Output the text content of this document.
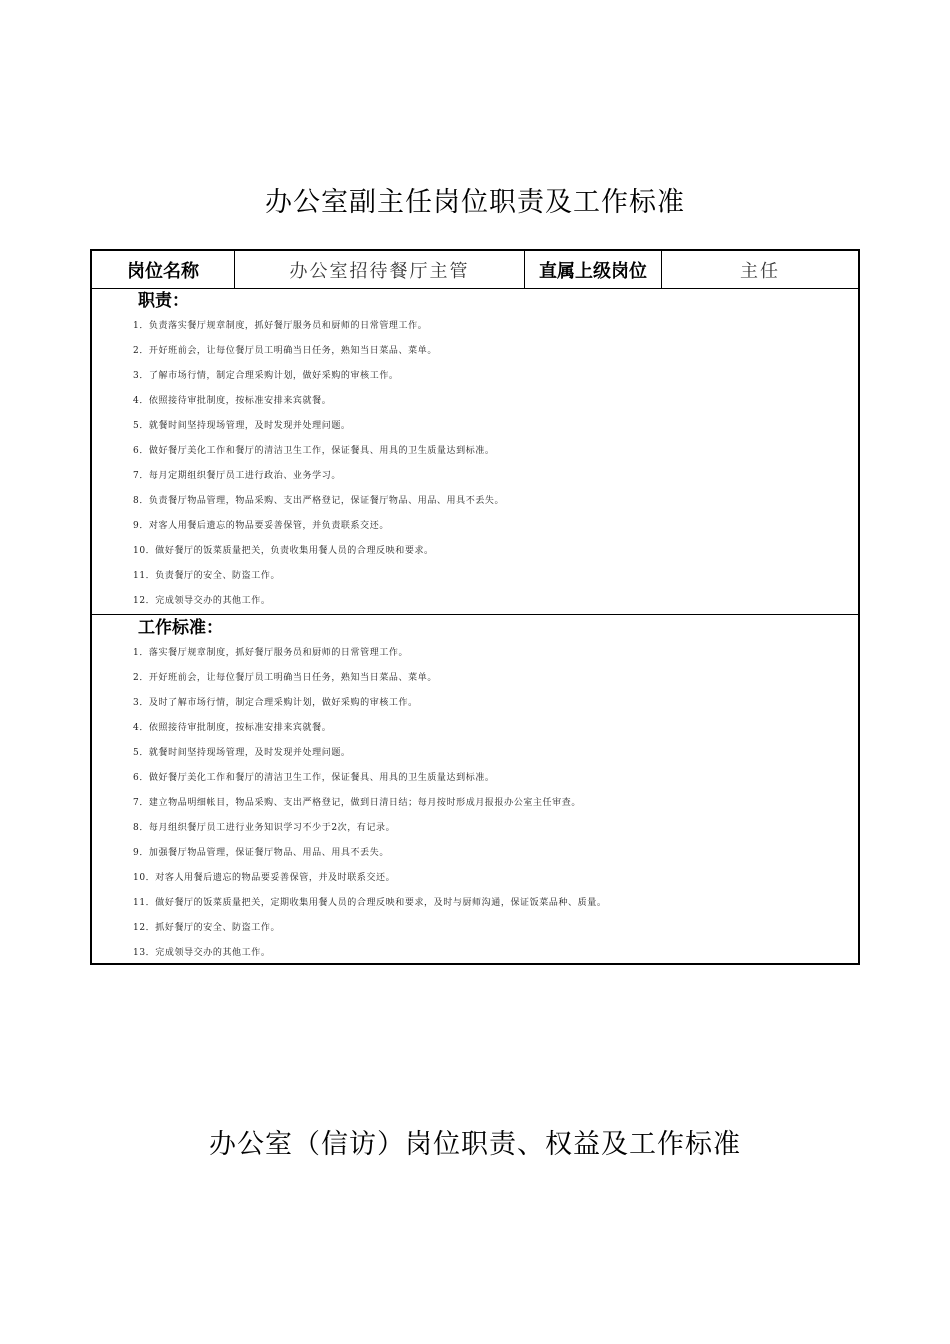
办公室副主任岗位职责及工作标准
岗位名称	办公室招待餐厅主管	直属上级岗位	主任
职责：
1．负责落实餐厅规章制度，抓好餐厅服务员和厨师的日常管理工作。
2．开好班前会，让每位餐厅员工明确当日任务，熟知当日菜品、菜单。
3．了解市场行情，制定合理采购计划，做好采购的审核工作。
4．依照接待审批制度，按标准安排来宾就餐。
5．就餐时间坚持现场管理，及时发现并处理问题。
6．做好餐厅美化工作和餐厅的清洁卫生工作，保证餐具、用具的卫生质量达到标准。
7．每月定期组织餐厅员工进行政治、业务学习。
8．负责餐厅物品管理，物品采购、支出严格登记，保证餐厅物品、用品、用具不丢失。
9．对客人用餐后遗忘的物品要妥善保管，并负责联系交还。
10．做好餐厅的饭菜质量把关，负责收集用餐人员的合理反映和要求。
11．负责餐厅的安全、防盗工作。
12．完成领导交办的其他工作。
工作标准：
1．落实餐厅规章制度，抓好餐厅服务员和厨师的日常管理工作。
2．开好班前会，让每位餐厅员工明确当日任务，熟知当日菜品、菜单。
3．及时了解市场行情，制定合理采购计划，做好采购的审核工作。
4．依照接待审批制度，按标准安排来宾就餐。
5．就餐时间坚持现场管理，及时发现并处理问题。
6．做好餐厅美化工作和餐厅的清洁卫生工作，保证餐具、用具的卫生质量达到标准。
7．建立物品明细帐目，物品采购、支出严格登记，做到日清日结；每月按时形成月报报办公室主任审查。
8．每月组织餐厅员工进行业务知识学习不少于2次，有记录。
9．加强餐厅物品管理，保证餐厅物品、用品、用具不丢失。
10．对客人用餐后遗忘的物品要妥善保管，并及时联系交还。
11．做好餐厅的饭菜质量把关，定期收集用餐人员的合理反映和要求，及时与厨师沟通，保证饭菜品种、质量。
12．抓好餐厅的安全、防盗工作。
13．完成领导交办的其他工作。
办公室（信访）岗位职责、权益及工作标准
